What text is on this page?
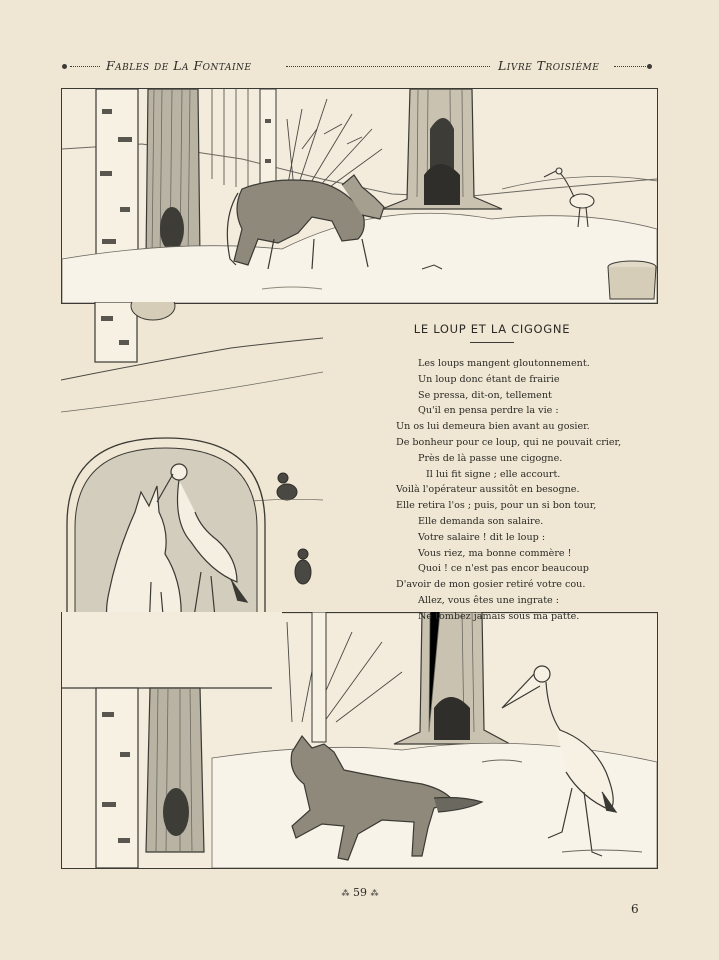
Fables de La Fontaine	Livre Troisième
LE LOUP ET LA CIGOGNE
Les loups mangent gloutonnement.
Un loup donc étant de frairie
Se pressa, dit-on, tellement
Qu'il en pensa perdre la vie :
Un os lui demeura bien avant au gosier.
De bonheur pour ce loup, qui ne pouvait crier,
Près de là passe une cigogne.
Il lui fit signe ; elle accourt.
Voilà l'opérateur aussitôt en besogne.
Elle retira l'os ; puis, pour un si bon tour,
Elle demanda son salaire.
Votre salaire ! dit le loup :
Vous riez, ma bonne commère !
Quoi ! ce n'est pas encor beaucoup
D'avoir de mon gosier retiré votre cou.
Allez, vous êtes une ingrate :
Ne tombez jamais sous ma patte.
⁂ 59 ⁂
6
